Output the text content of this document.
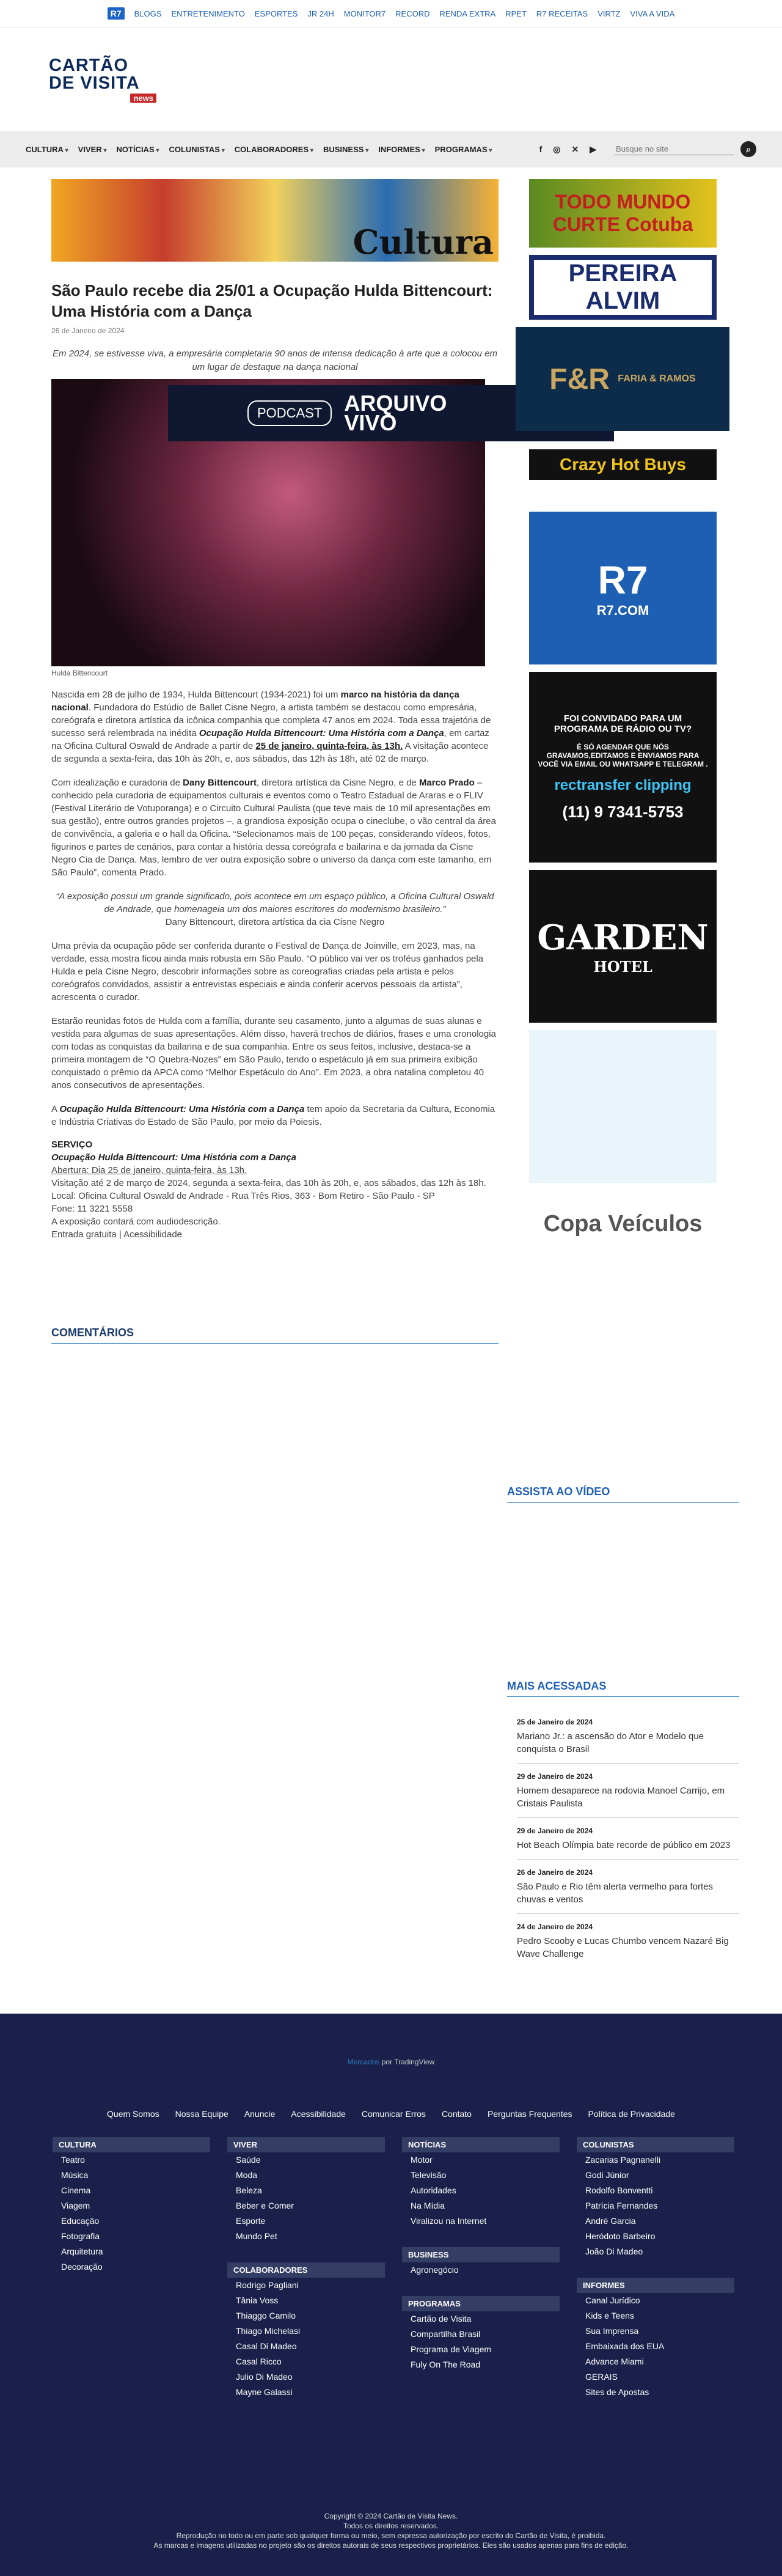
R7	BLOGS ENTRETENIMENTO ESPORTES JR 24H MONITOR7 RECORD RENDA EXTRA RPET R7 RECEITAS VIRTZ VIVA A VIDA
CARTÃO
DE VISITA
news
CULTURA ▾	VIVER ▾	NOTÍCIAS ▾	COLUNISTAS ▾	COLABORADORES ▾	BUSINESS ▾	INFORMES ▾	PROGRAMAS ▾	f ◎ ✕ ▶
Busque no site	⌕
Cultura
São Paulo recebe dia 25/01 a Ocupação Hulda Bittencourt: Uma História com a Dança
26 de Janeiro de 2024
Em 2024, se estivesse viva, a empresária completaria 90 anos de intensa dedicação à arte que a colocou em um lugar de destaque na dança nacional
Hulda Bittencourt

Nascida em 28 de julho de 1934, Hulda Bittencourt (1934-2021) foi um marco na história da dança nacional. Fundadora do Estúdio de Ballet Cisne Negro, a artista também se destacou como empresária, coreógrafa e diretora artística da icônica companhia que completa 47 anos em 2024. Toda essa trajetória de sucesso será relembrada na inédita Ocupação Hulda Bittencourt: Uma História com a Dança, em cartaz na Oficina Cultural Oswald de Andrade a partir de 25 de janeiro, quinta-feira, às 13h. A visitação acontece de segunda a sexta-feira, das 10h às 20h, e, aos sábados, das 12h às 18h, até 02 de março.

Com idealização e curadoria de Dany Bittencourt, diretora artística da Cisne Negro, e de Marco Prado – conhecido pela curadoria de equipamentos culturais e eventos como o Teatro Estadual de Araras e o FLIV (Festival Literário de Votuporanga) e o Circuito Cultural Paulista (que teve mais de 10 mil apresentações em sua gestão), entre outros grandes projetos –, a grandiosa exposição ocupa o cineclube, o vão central da área de convivência, a galeria e o hall da Oficina. “Selecionamos mais de 100 peças, considerando vídeos, fotos, figurinos e partes de cenários, para contar a história dessa coreógrafa e bailarina e da jornada da Cisne Negro Cia de Dança. Mas, lembro de ver outra exposição sobre o universo da dança com este tamanho, em São Paulo”, comenta Prado.

“A exposição possui um grande significado, pois acontece em um espaço público, a Oficina Cultural Oswald de Andrade, que homenageia um dos maiores escritores do modernismo brasileiro.”
Dany Bittencourt, diretora artística da cia Cisne Negro

Uma prévia da ocupação pôde ser conferida durante o Festival de Dança de Joinville, em 2023, mas, na verdade, essa mostra ficou ainda mais robusta em São Paulo. “O público vai ver os troféus ganhados pela Hulda e pela Cisne Negro, descobrir informações sobre as coreografias criadas pela artista e pelos coreógrafos convidados, assistir a entrevistas especiais e ainda conferir acervos pessoais da artista”, acrescenta o curador.

Estarão reunidas fotos de Hulda com a família, durante seu casamento, junto a algumas de suas alunas e vestida para algumas de suas apresentações. Além disso, haverá trechos de diários, frases e uma cronologia com todas as conquistas da bailarina e de sua companhia. Entre os seus feitos, inclusive, destaca-se a primeira montagem de “O Quebra-Nozes” em São Paulo, tendo o espetáculo já em sua primeira exibição conquistado o prêmio da APCA como “Melhor Espetáculo do Ano”. Em 2023, a obra natalina completou 40 anos consecutivos de apresentações.

A Ocupação Hulda Bittencourt: Uma História com a Dança tem apoio da Secretaria da Cultura, Economia e Indústria Criativas do Estado de São Paulo, por meio da Poiesis.

SERVIÇO
Ocupação Hulda Bittencourt: Uma História com a Dança
Abertura: Dia 25 de janeiro, quinta-feira, às 13h.
Visitação até 2 de março de 2024, segunda a sexta-feira, das 10h às 20h, e, aos sábados, das 12h às 18h.
Local: Oficina Cultural Oswald de Andrade - Rua Três Rios, 363 - Bom Retiro - São Paulo - SP
Fone: 11 3221 5558
A exposição contará com audiodescrição.
Entrada gratuita | Acessibilidade
COMENTÁRIOS
PODCAST	ARQUIVO
VIVO
TODO MUNDO CURTE Cotuba
PEREIRA ALVIM
F&R
FARIA & RAMOS
Crazy Hot Buys
R7
R7.COM
FOI CONVIDADO PARA UM PROGRAMA DE RÁDIO OU TV?
É SÓ AGENDAR QUE NÓS GRAVAMOS,EDITAMOS E ENVIAMOS PARA VOCÊ VIA EMAIL OU WHATSAPP E TELEGRAM .
rectransfer clipping
(11) 9 7341-5753
GARDEN
HOTEL
Copa Veículos
ASSISTA AO VÍDEO
MAIS ACESSADAS
25 de Janeiro de 2024
Mariano Jr.: a ascensão do Ator e Modelo que conquista o Brasil
29 de Janeiro de 2024
Homem desaparece na rodovia Manoel Carrijo, em Cristais Paulista
29 de Janeiro de 2024
Hot Beach Olímpia bate recorde de público em 2023
26 de Janeiro de 2024
São Paulo e Rio têm alerta vermelho para fortes chuvas e ventos
24 de Janeiro de 2024
Pedro Scooby e Lucas Chumbo vencem Nazaré Big Wave Challenge
Mercados por TradingView
Quem Somos Nossa Equipe Anuncie Acessibilidade Comunicar Erros Contato Perguntas Frequentes Política de Privacidade
CULTURA
Teatro
Música
Cinema
Viagem
Educação
Fotografia
Arquitetura
Decoração
VIVER
Saúde
Moda
Beleza
Beber e Comer
Esporte
Mundo Pet
COLABORADORES
Rodrigo Pagliani
Tânia Voss
Thiaggo Camilo
Thiago Michelasi
Casal Di Madeo
Casal Ricco
Julio Di Madeo
Mayne Galassi
NOTÍCIAS
Motor
Televisão
Autoridades
Na Mídia
Viralizou na Internet
BUSINESS
Agronegócio
PROGRAMAS
Cartão de Visita
Compartilha Brasil
Programa de Viagem
Fuly On The Road
COLUNISTAS
Zacarias Pagnanelli
Godi Júnior
Rodolfo Bonventti
Patrícia Fernandes
André Garcia
Heródoto Barbeiro
João Di Madeo
INFORMES
Canal Jurídico
Kids e Teens
Sua Imprensa
Embaixada dos EUA
Advance Miami
GERAIS
Sites de Apostas
Copyright © 2024 Cartão de Visita News.
Todos os direitos reservados.
Reprodução no todo ou em parte sob qualquer forma ou meio, sem expressa autorização por escrito do Cartão de Visita, é proibida.
As marcas e imagens utilizadas no projeto são os direitos autorais de seus respectivos proprietários. Eles são usados apenas para fins de edição.
